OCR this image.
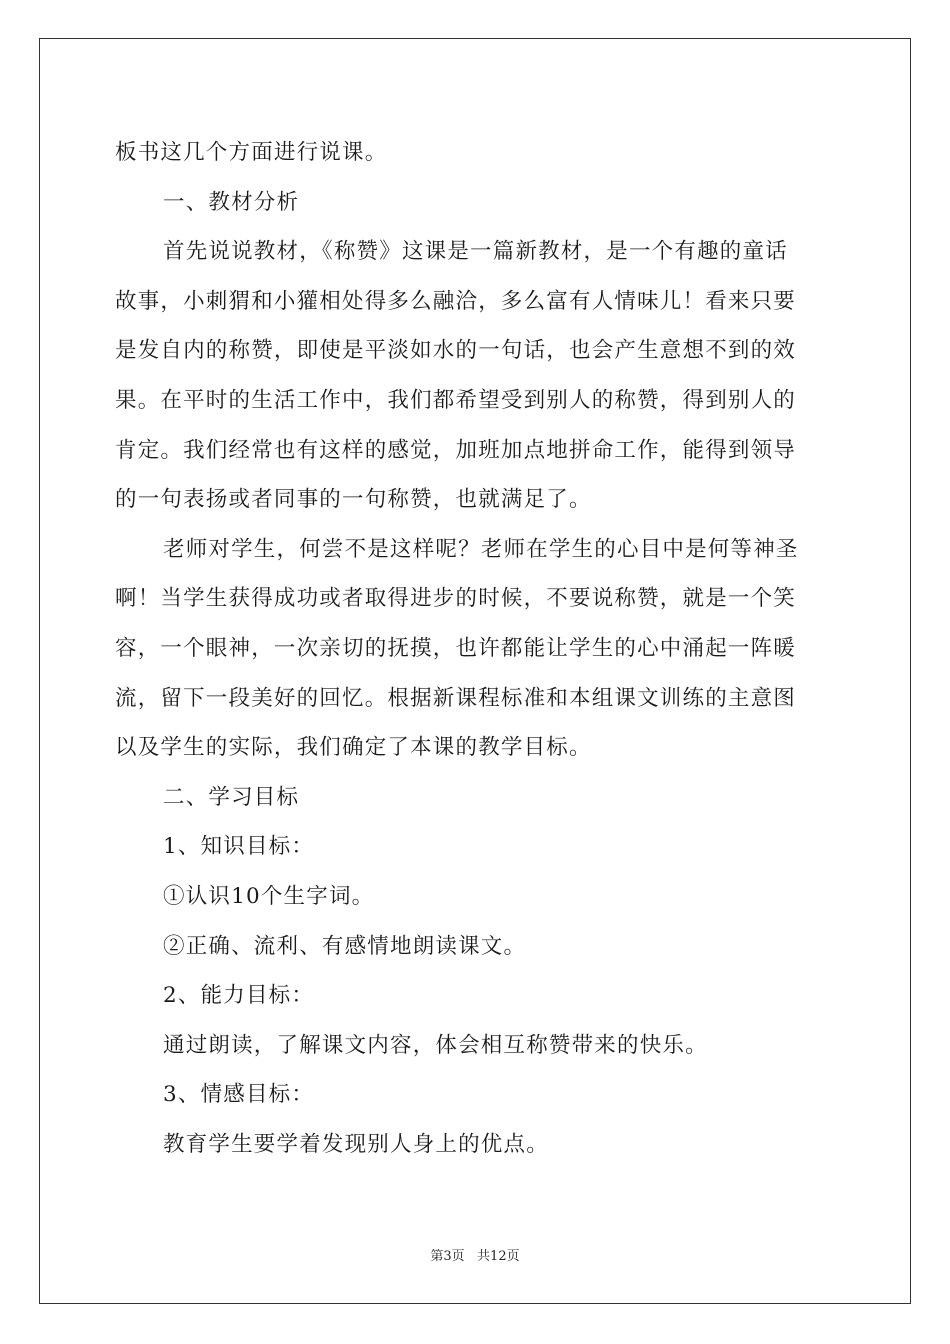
板书这几个方面进行说课。
一、教材分析
首先说说教材，《称赞》这课是一篇新教材，是一个有趣的童话
故事，小刺猬和小獾相处得多么融洽，多么富有人情味儿！看来只要
是发自内的称赞，即使是平淡如水的一句话，也会产生意想不到的效
果。在平时的生活工作中，我们都希望受到别人的称赞，得到别人的
肯定。我们经常也有这样的感觉，加班加点地拼命工作，能得到领导
的一句表扬或者同事的一句称赞，也就满足了。
老师对学生，何尝不是这样呢？老师在学生的心目中是何等神圣
啊！当学生获得成功或者取得进步的时候，不要说称赞，就是一个笑
容，一个眼神，一次亲切的抚摸，也许都能让学生的心中涌起一阵暖
流，留下一段美好的回忆。根据新课程标准和本组课文训练的主意图
以及学生的实际，我们确定了本课的教学目标。
二、学习目标
1、知识目标：
①认识10个生字词。
②正确、流利、有感情地朗读课文。
2、能力目标：
通过朗读，了解课文内容，体会相互称赞带来的快乐。
3、情感目标：
教育学生要学着发现别人身上的优点。
第3页   共12页
